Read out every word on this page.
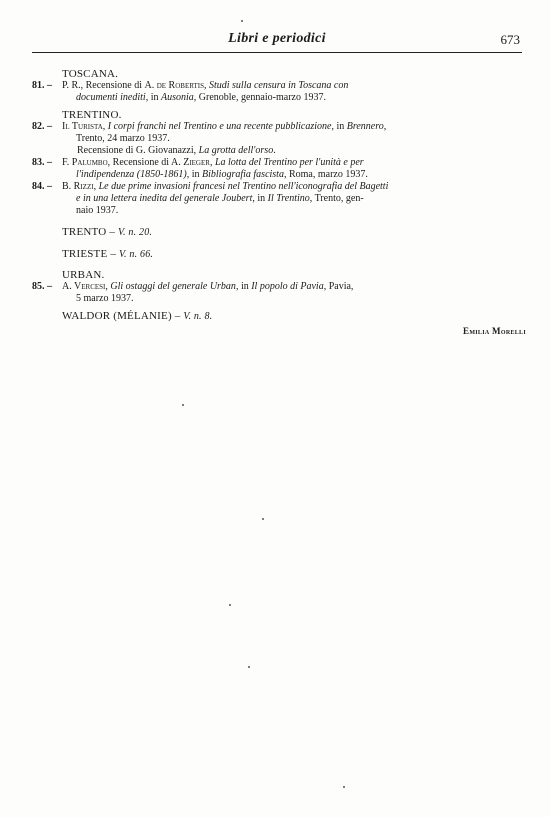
Libri e periodici	673
TOSCANA.
81. – P. R., Recensione di A. de Robertis, Studi sulla censura in Toscana con
documenti inediti, in Ausonia, Grenoble, gennaio-marzo 1937.
TRENTINO.
82. – Il Turista, I corpi franchi nel Trentino e una recente pubblicazione, in Brennero,
Trento, 24 marzo 1937.
Recensione di G. Giovanazzi, La grotta dell'orso.
83. – F. Palumbo, Recensione di A. Zieger, La lotta del Trentino per l'unità e per
l'indipendenza (1850-1861), in Bibliografia fascista, Roma, marzo 1937.
84. – B. Rizzi, Le due prime invasioni francesi nel Trentino nell'iconografia del Bagetti
e in una lettera inedita del generale Joubert, in Il Trentino, Trento, gen-
naio 1937.
TRENTO – V. n. 20.
TRIESTE – V. n. 66.
URBAN.
85. – A. Vercesi, Gli ostaggi del generale Urban, in Il popolo di Pavia, Pavia,
5 marzo 1937.
WALDOR (MÉLANIE) – V. n. 8.
Emilia Morelli
